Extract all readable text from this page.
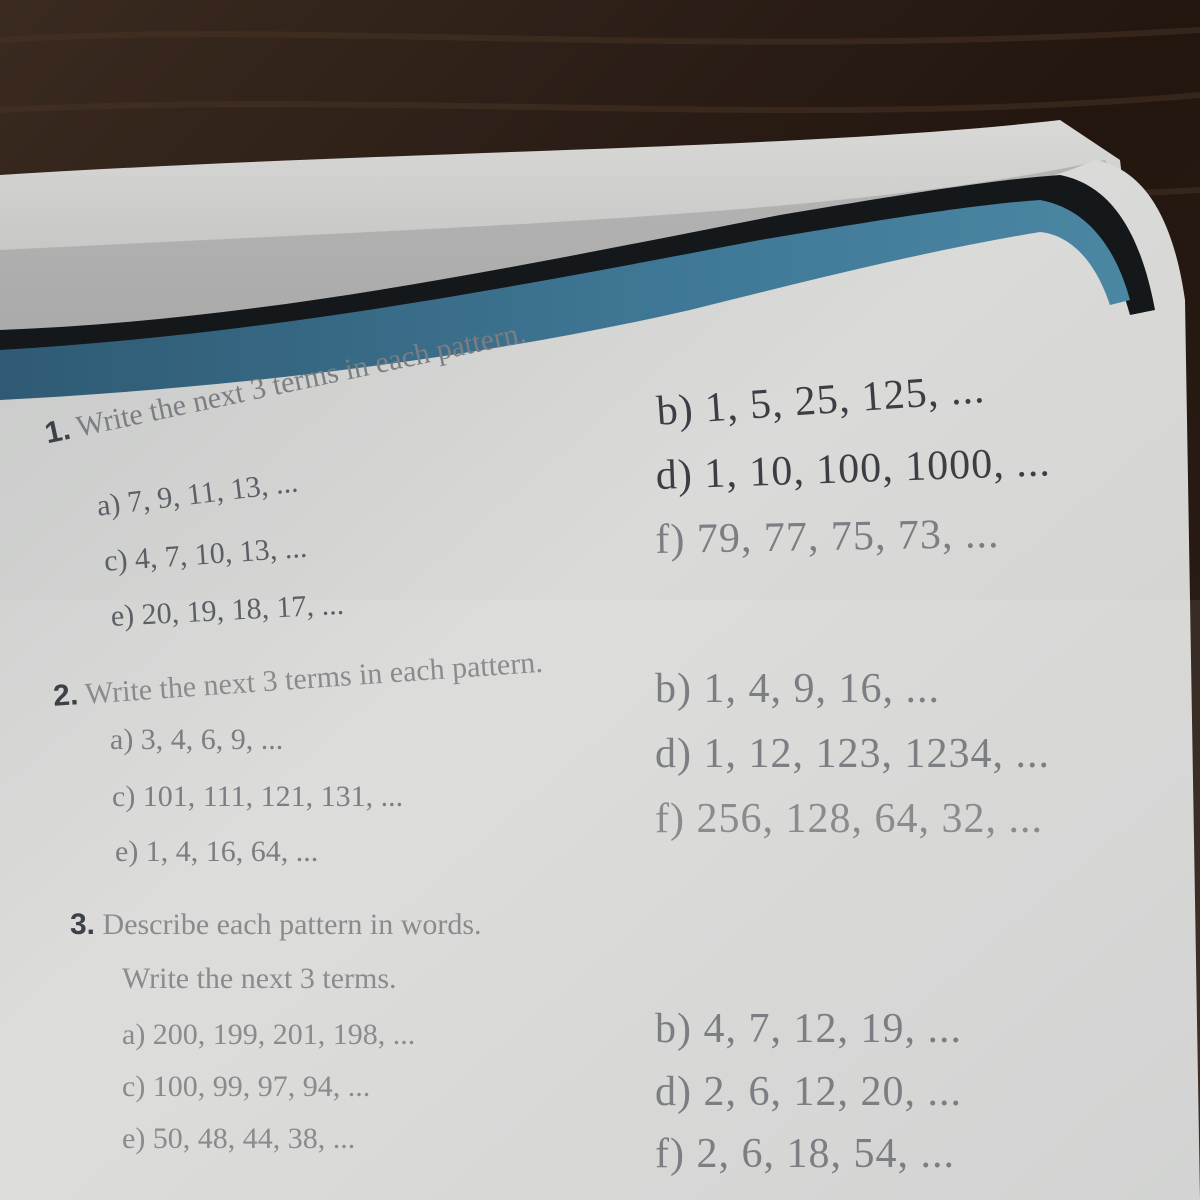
1. Write the next 3 terms in each pattern.
a) 7, 9, 11, 13, ...
b) 1, 5, 25, 125, ...
c) 4, 7, 10, 13, ...
d) 1, 10, 100, 1000, ...
e) 20, 19, 18, 17, ...
f) 79, 77, 75, 73, ...
2. Write the next 3 terms in each pattern.
a) 3, 4, 6, 9, ...
b) 1, 4, 9, 16, ...
c) 101, 111, 121, 131, ...
d) 1, 12, 123, 1234, ...
e) 1, 4, 16, 64, ...
f) 256, 128, 64, 32, ...
3. Describe each pattern in words.
Write the next 3 terms.
a) 200, 199, 201, 198, ...	b) 4, 7, 12, 19, ...
c) 100, 99, 97, 94, ...	d) 2, 6, 12, 20, ...
e) 50, 48, 44, 38, ...	f) 2, 6, 18, 54, ...
